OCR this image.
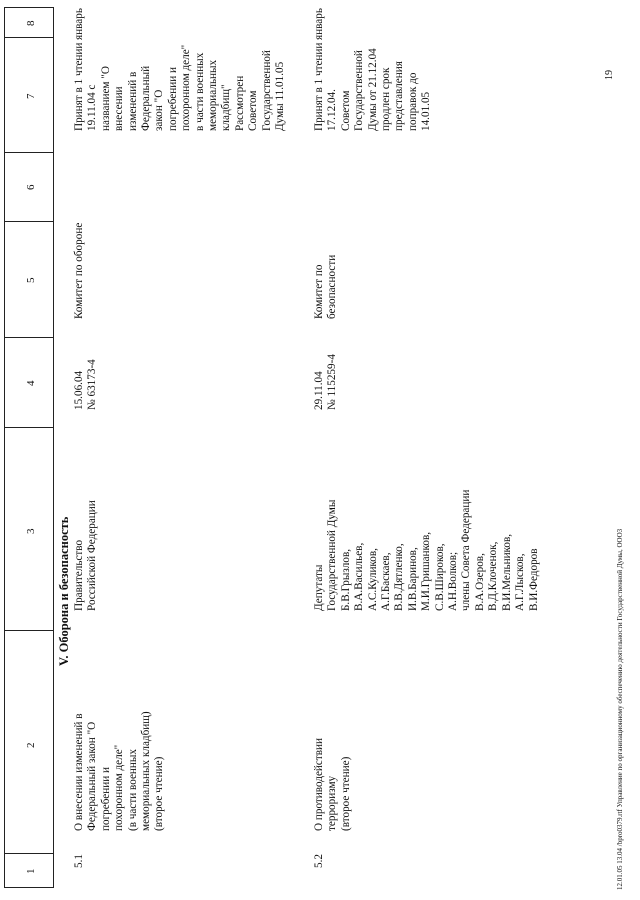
1
2
3
4
5
6
7
8
V. Оборона и безопасность
5.1
О внесении изменений в
Федеральный закон "О
погребении и
похоронном деле"
(в части военных
мемориальных кладбищ)
(второе чтение)
Правительство
Российской Федерации
15.06.04
№ 63173-4
Комитет по обороне
Принят в 1 чтении
19.11.04 с
названием "О
внесении
изменений в
Федеральный
закон "О
погребении и
похоронном деле"
в части военных
мемориальных
кладбищ"
Рассмотрен
Советом
Государственной
Думы 11.01.05
январь
5.2
О противодействии
терроризму
(второе чтение)
Депутаты
Государственной Думы
Б.В.Грызлов,
В.А.Васильев,
А.С.Куликов,
А.Г.Баскаев,
В.В.Дятленко,
И.В.Баринов,
М.И.Гришанков,
С.В.Широков,
А.Н.Волков;
члены Совета Федерации
В.А.Озеров,
В.Д.Клоченок,
В.И.Мельников,
А.Г.Лысков,
В.И.Федоров
29.11.04
№ 115259-4
Комитет по
безопасности
Принят в 1 чтении
17.12.04.
Советом
Государственной
Думы от 21.12.04
продлен срок
представления
поправок до
14.01.05
январь
12.01.05 13.04 /bpro0379.rtf Управление по организационному обеспечению деятельности Государственной Думы, ООО3
19
